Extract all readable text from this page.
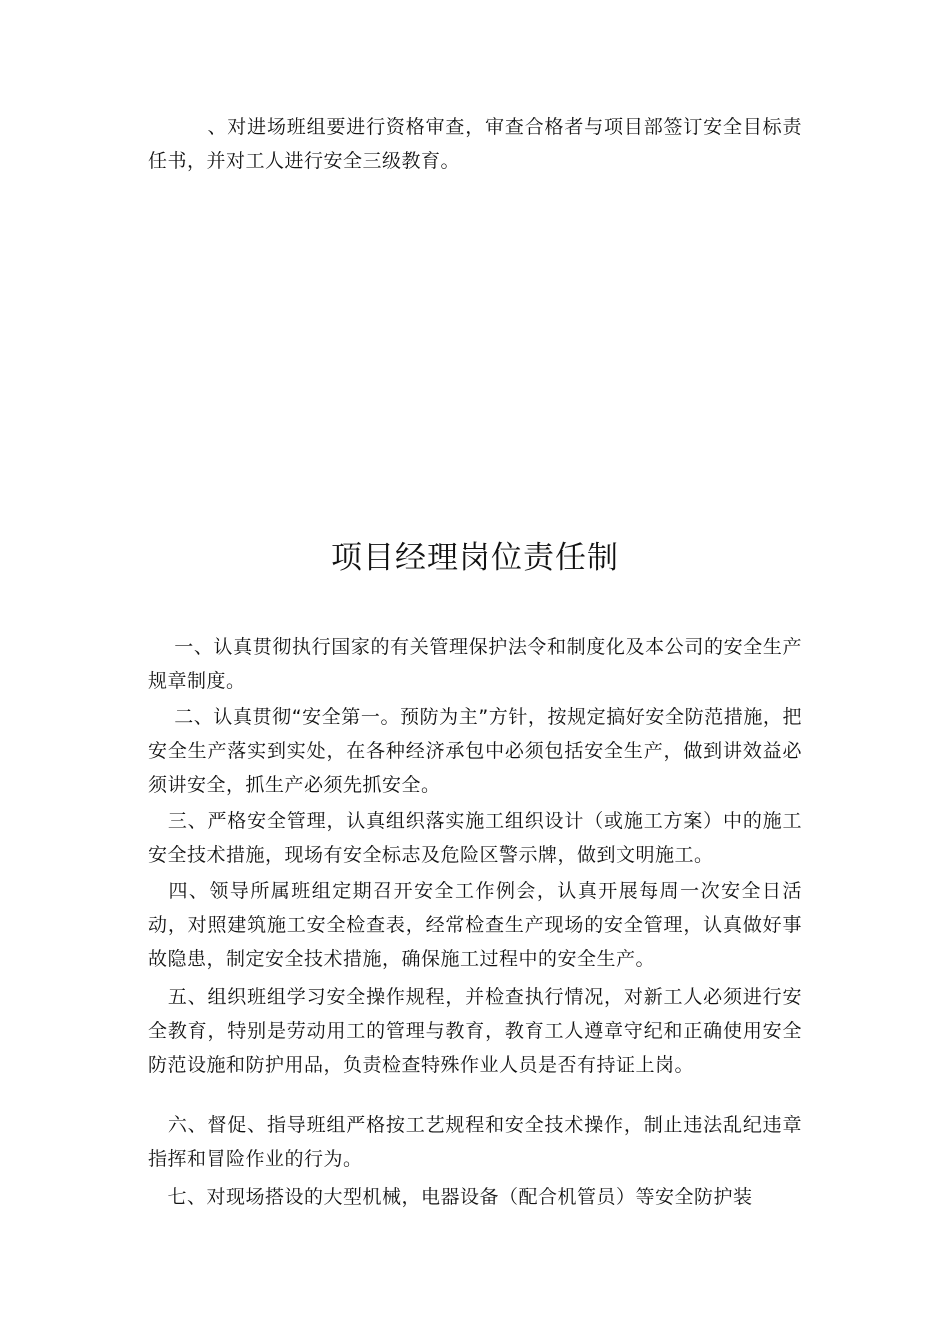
　　　、对进场班组要进行资格审查，审查合格者与项目部签订安全目标责任书，并对工人进行安全三级教育。

项目经理岗位责任制

　 一、认真贯彻执行国家的有关管理保护法令和制度化及本公司的安全生产规章制度。

　 二、认真贯彻“安全第一。预防为主”方针，按规定搞好安全防范措施，把安全生产落实到实处，在各种经济承包中必须包括安全生产，做到讲效益必须讲安全，抓生产必须先抓安全。

　三、严格安全管理，认真组织落实施工组织设计（或施工方案）中的施工安全技术措施，现场有安全标志及危险区警示牌，做到文明施工。

　四、领导所属班组定期召开安全工作例会，认真开展每周一次安全日活动，对照建筑施工安全检查表，经常检查生产现场的安全管理，认真做好事故隐患，制定安全技术措施，确保施工过程中的安全生产。

　五、组织班组学习安全操作规程，并检查执行情况，对新工人必须进行安全教育，特别是劳动用工的管理与教育，教育工人遵章守纪和正确使用安全防范设施和防护用品，负责检查特殊作业人员是否有持证上岗。

　六、督促、指导班组严格按工艺规程和安全技术操作，制止违法乱纪违章指挥和冒险作业的行为。

　七、对现场搭设的大型机械，电器设备（配合机管员）等安全防护装
